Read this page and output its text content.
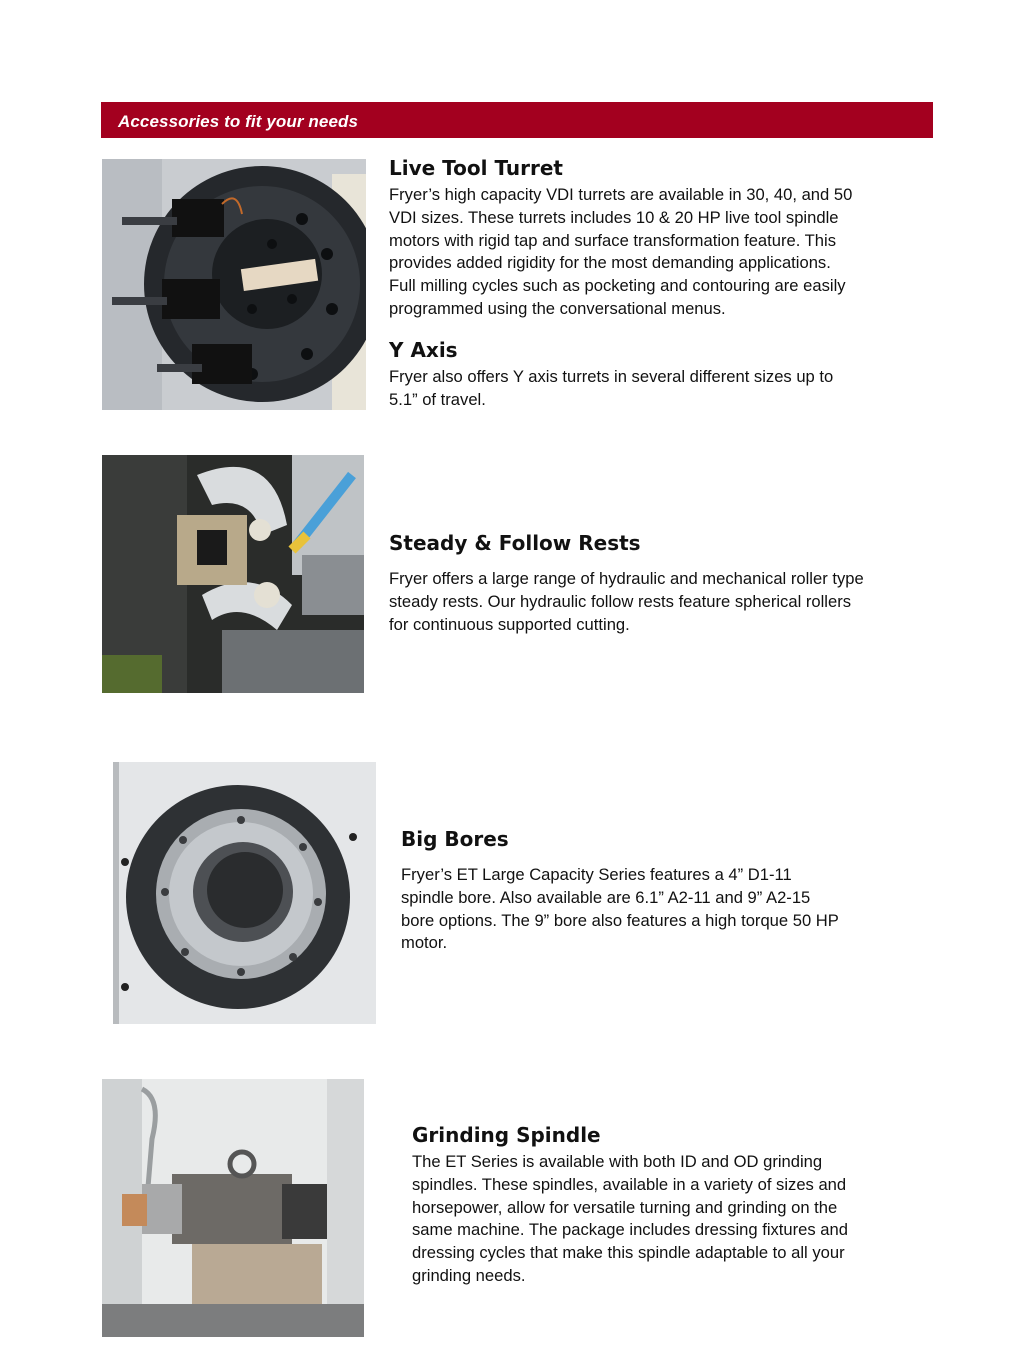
Accessories to fit your needs
Live Tool Turret

Fryer’s high capacity VDI turrets are available in 30, 40, and 50
VDI sizes. These turrets includes 10 & 20 HP live tool spindle
motors with rigid tap and surface transformation feature. This
provides added rigidity for the most demanding applications.
Full milling cycles such as pocketing and contouring are easily
programmed using the conversational menus.

Y Axis

Fryer also offers Y axis turrets in several different sizes up to
5.1” of travel.

Steady & Follow Rests

Fryer offers a large range of hydraulic and mechanical roller type
steady rests. Our hydraulic follow rests feature spherical rollers
for continuous supported cutting.

Big Bores

Fryer’s ET Large Capacity Series features a 4” D1-11
spindle bore. Also available are 6.1” A2-11 and 9” A2-15
bore options. The 9” bore also features a high torque 50 HP
motor.

Grinding Spindle

The ET Series is available with both ID and OD grinding
spindles. These spindles, available in a variety of sizes and
horsepower, allow for versatile turning and grinding on the
same machine. The package includes dressing fixtures and
dressing cycles that make this spindle adaptable to all your
grinding needs.
